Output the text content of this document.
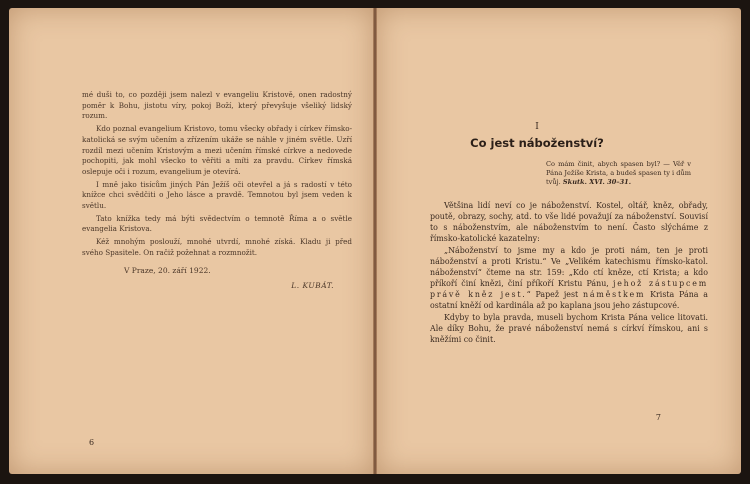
mé duši to, co později jsem nalezl v evangeliu Kristově, onen radostný poměr k Bohu, jistotu víry, pokoj Boží, který převyšuje všeliký lidský rozum.

Kdo poznal evangelium Kristovo, tomu všecky obřady i církev římsko-katolická se svým učením a zřízením ukáže se náhle v jiném světle. Uzří rozdíl mezi učením Kristovým a mezi učením římské církve a nedovede pochopiti, jak mohl všecko to věřiti a míti za pravdu. Církev římská oslepuje oči i rozum, evangelium je otevírá.

I mně jako tisícům jiných Pán Ježíš oči otevřel a já s radostí v této knížce chci svědčiti o Jeho lásce a pravdě. Temnotou byl jsem veden k světlu.

Tato knížka tedy má býti svědectvím o temnotě Říma a o světle evangelia Kristova.

Kéž mnohým poslouží, mnohé utvrdí, mnohé získá. Kladu ji před svého Spasitele. On račiž požehnat a rozmnožit.

V Praze, 20. září 1922.
L. KUBÁT.
6
I
Co jest náboženství?
Co mám činit, abych spasen byl? — Věř v Pána Ježíše Krista, a budeš spasen ty i dům tvůj. Skutk. XVI. 30–31.

Většina lidí neví co je náboženství. Kostel, oltář, kněz, obřady, poutě, obrazy, sochy, atd. to vše lidé považují za náboženství. Souvisí to s náboženstvím, ale náboženstvím to není. Často slýcháme z římsko-katolické kazatelny:

„Náboženství to jsme my a kdo je proti nám, ten je proti náboženství a proti Kristu.“ Ve „Velikém katechismu římsko-katol. náboženství“ čteme na str. 159: „Kdo ctí kněze, ctí Krista; a kdo příkoří činí knězi, činí příkoří Kristu Pánu, jehož zástupcem právě kněz jest.“ Papež jest náměstkem Krista Pána a ostatní kněží od kardinála až po kaplana jsou jeho zástupcové.

Kdyby to byla pravda, museli bychom Krista Pána velice litovati. Ale díky Bohu, že pravé náboženství nemá s církví římskou, ani s kněžími co činit.

7
